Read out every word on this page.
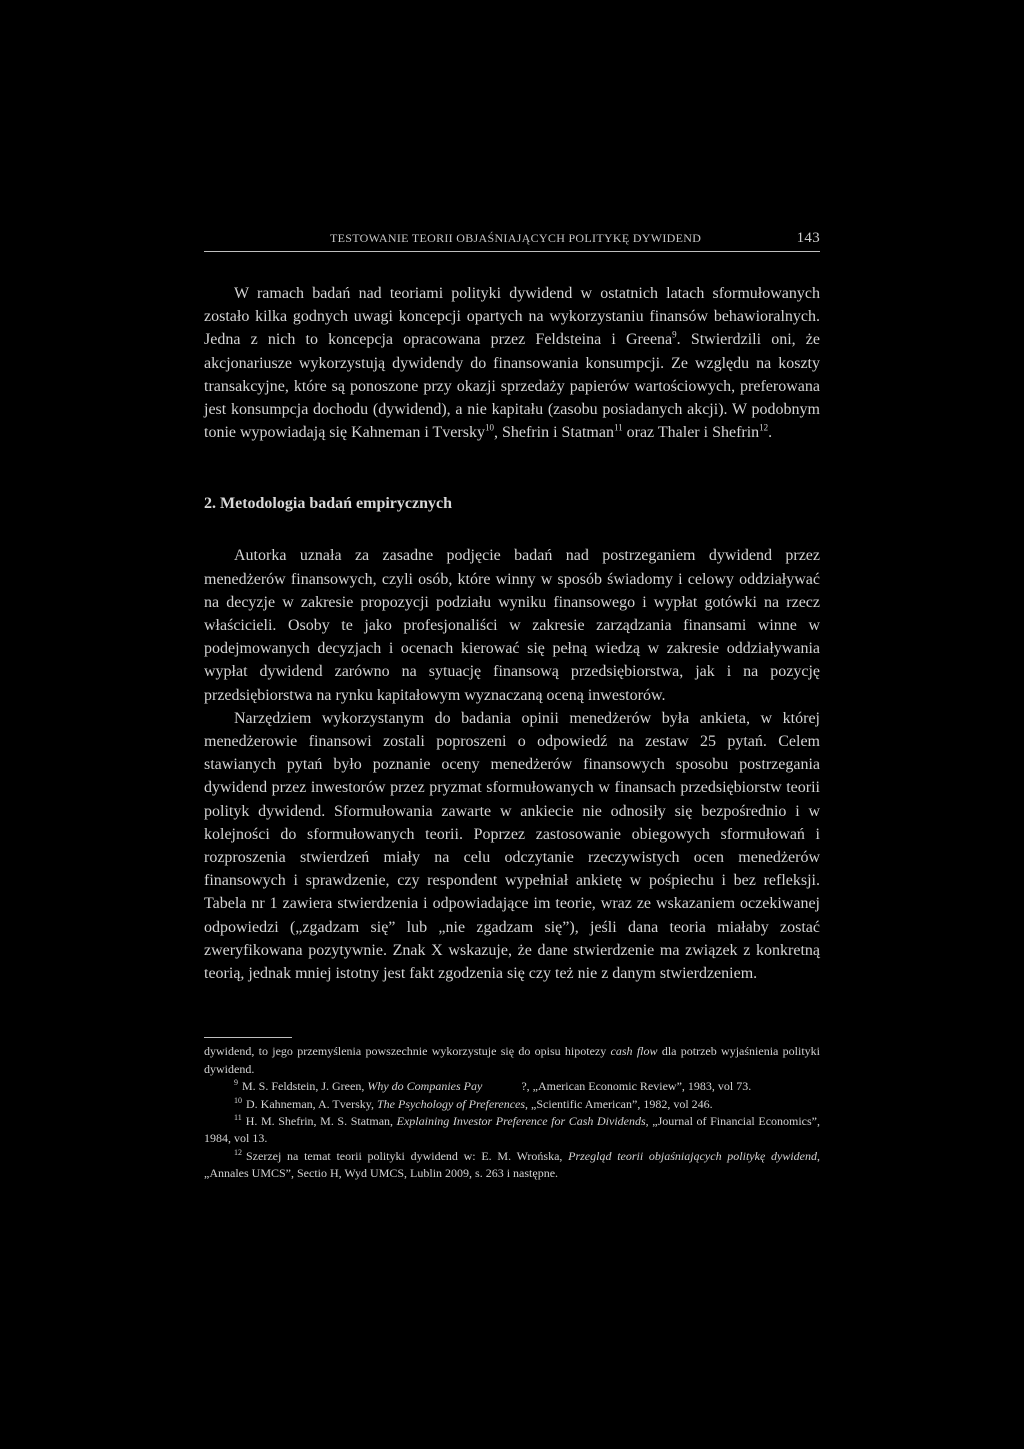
TESTOWANIE TEORII OBJAŚNIAJĄCYCH POLITYKĘ DYWIDEND	143

W ramach badań nad teoriami polityki dywidend w ostatnich latach sformułowanych zostało kilka godnych uwagi koncepcji opartych na wykorzystaniu finansów behawioralnych. Jedna z nich to koncepcja opracowana przez Feldsteina i Greena$^9$. Stwierdzili oni, że akcjonariusze wykorzystują dywidendy do finansowania konsumpcji. Ze względu na koszty transakcyjne, które są ponoszone przy okazji sprzedaży papierów wartościowych, preferowana jest konsumpcja dochodu (dywidend), a nie kapitału (zasobu posiadanych akcji). W podobnym tonie wypowiadają się Kahneman i Tversky$^{10}$, Shefrin i Statman$^{11}$ oraz Thaler i Shefrin$^{12}$.

2. Metodologia badań empirycznych

Autorka uznała za zasadne podjęcie badań nad postrzeganiem dywidend przez menedżerów finansowych, czyli osób, które winny w sposób świadomy i celowy oddziaływać na decyzje w zakresie propozycji podziału wyniku finansowego i wypłat gotówki na rzecz właścicieli. Osoby te jako profesjonaliści w zakresie zarządzania finansami winne w podejmowanych decyzjach i ocenach kierować się pełną wiedzą w zakresie oddziaływania wypłat dywidend zarówno na sytuację finansową przedsiębiorstwa, jak i na pozycję przedsiębiorstwa na rynku kapitałowym wyznaczaną oceną inwestorów.

Narzędziem wykorzystanym do badania opinii menedżerów była ankieta, w której menedżerowie finansowi zostali poproszeni o odpowiedź na zestaw 25 pytań. Celem stawianych pytań było poznanie oceny menedżerów finansowych sposobu postrzegania dywidend przez inwestorów przez pryzmat sformułowanych w finansach przedsiębiorstw teorii polityk dywidend. Sformułowania zawarte w ankiecie nie odnosiły się bezpośrednio i w kolejności do sformułowanych teorii. Poprzez zastosowanie obiegowych sformułowań i rozproszenia stwierdzeń miały na celu odczytanie rzeczywistych ocen menedżerów finansowych i sprawdzenie, czy respondent wypełniał ankietę w pośpiechu i bez refleksji. Tabela nr 1 zawiera stwierdzenia i odpowiadające im teorie, wraz ze wskazaniem oczekiwanej odpowiedzi („zgadzam się” lub „nie zgadzam się”), jeśli dana teoria miałaby zostać zweryfikowana pozytywnie. Znak X wskazuje, że dane stwierdzenie ma związek z konkretną teorią, jednak mniej istotny jest fakt zgodzenia się czy też nie z danym stwierdzeniem.

dywidend, to jego przemyślenia powszechnie wykorzystuje się do opisu hipotezy cash flow dla potrzeb wyjaśnienia polityki dywidend.
$^9$ M. S. Feldstein, J. Green, Why do Companies Pay             ?, „American Economic Review”, 1983, vol 73.
$^{10}$ D. Kahneman, A. Tversky, The Psychology of Preferences, „Scientific American”, 1982, vol 246.
$^{11}$ H. M. Shefrin, M. S. Statman, Explaining Investor Preference for Cash Dividends, „Journal of Financial Economics”, 1984, vol 13.
$^{12}$ Szerzej na temat teorii polityki dywidend w: E. M. Wrońska, Przegląd teorii objaśniających politykę dywidend, „Annales UMCS”, Sectio H, Wyd UMCS, Lublin 2009, s. 263 i następne.
